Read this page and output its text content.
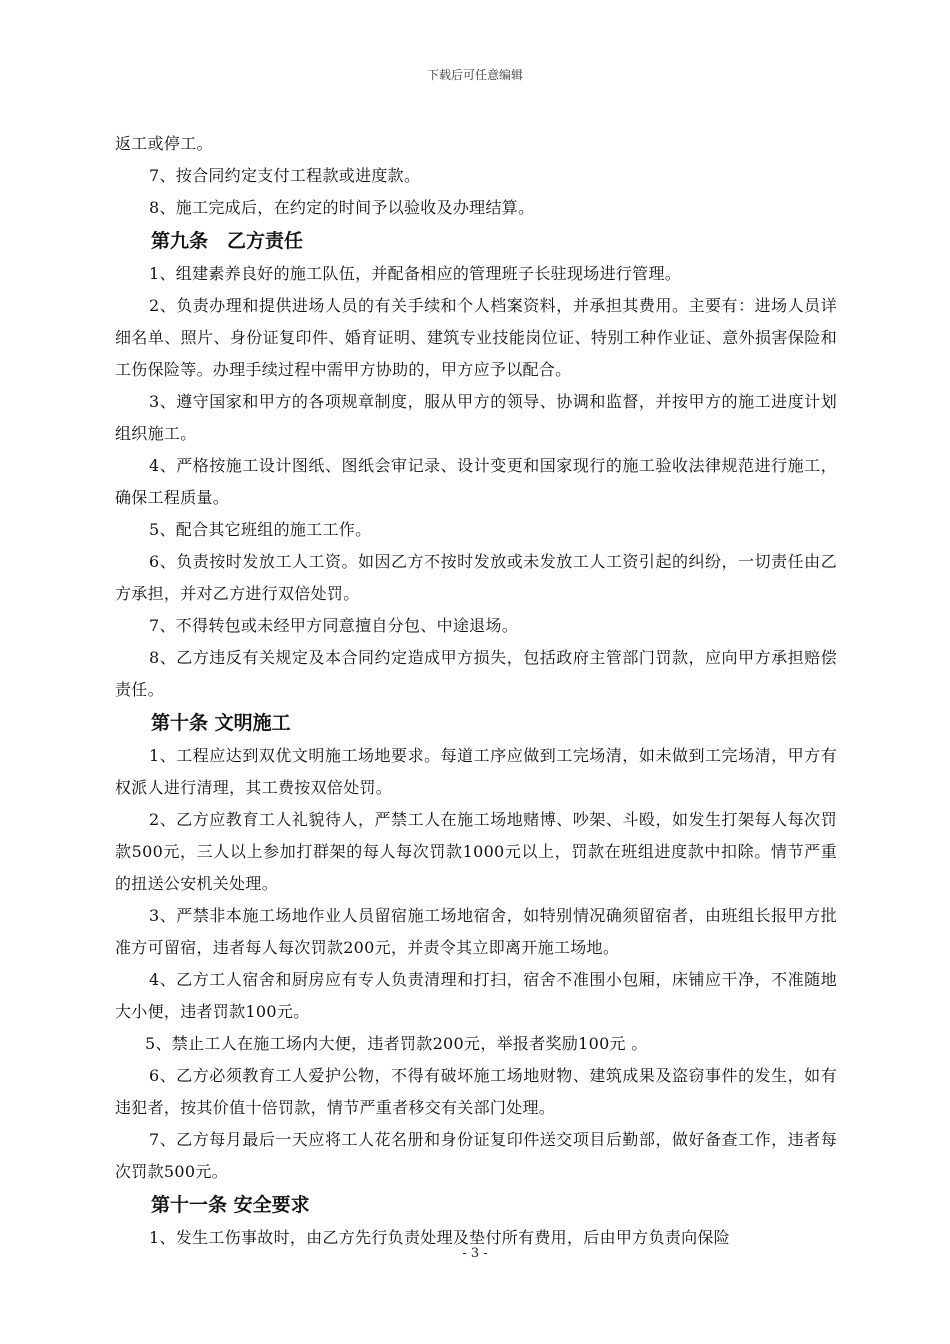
下载后可任意编辑

返工或停工。

7、按合同约定支付工程款或进度款。

8、施工完成后，在约定的时间予以验收及办理结算。

第九条　乙方责任

1、组建素养良好的施工队伍，并配备相应的管理班子长驻现场进行管理。

2、负责办理和提供进场人员的有关手续和个人档案资料，并承担其费用。主要有：进场人员详细名单、照片、身份证复印件、婚育证明、建筑专业技能岗位证、特别工种作业证、意外损害保险和工伤保险等。办理手续过程中需甲方协助的，甲方应予以配合。

3、遵守国家和甲方的各项规章制度，服从甲方的领导、协调和监督，并按甲方的施工进度计划组织施工。

4、严格按施工设计图纸、图纸会审记录、设计变更和国家现行的施工验收法律规范进行施工，确保工程质量。

5、配合其它班组的施工工作。

6、负责按时发放工人工资。如因乙方不按时发放或未发放工人工资引起的纠纷，一切责任由乙方承担，并对乙方进行双倍处罚。

7、不得转包或未经甲方同意擅自分包、中途退场。

8、乙方违反有关规定及本合同约定造成甲方损失，包括政府主管部门罚款，应向甲方承担赔偿责任。

第十条 文明施工

1、工程应达到双优文明施工场地要求。每道工序应做到工完场清，如未做到工完场清，甲方有权派人进行清理，其工费按双倍处罚。

2、乙方应教育工人礼貌待人，严禁工人在施工场地赌博、吵架、斗殴，如发生打架每人每次罚款500元，三人以上参加打群架的每人每次罚款1000元以上，罚款在班组进度款中扣除。情节严重的扭送公安机关处理。

3、严禁非本施工场地作业人员留宿施工场地宿舍，如特别情况确须留宿者，由班组长报甲方批准方可留宿，违者每人每次罚款200元，并责令其立即离开施工场地。

4、乙方工人宿舍和厨房应有专人负责清理和打扫，宿舍不准围小包厢，床铺应干净，不准随地大小便，违者罚款100元。

5、禁止工人在施工场内大便，违者罚款200元，举报者奖励100元 。

6、乙方必须教育工人爱护公物，不得有破坏施工场地财物、建筑成果及盗窃事件的发生，如有违犯者，按其价值十倍罚款，情节严重者移交有关部门处理。

7、乙方每月最后一天应将工人花名册和身份证复印件送交项目后勤部，做好备查工作，违者每次罚款500元。

第十一条 安全要求

1、发生工伤事故时，由乙方先行负责处理及垫付所有费用，后由甲方负责向保险

- 3 -
